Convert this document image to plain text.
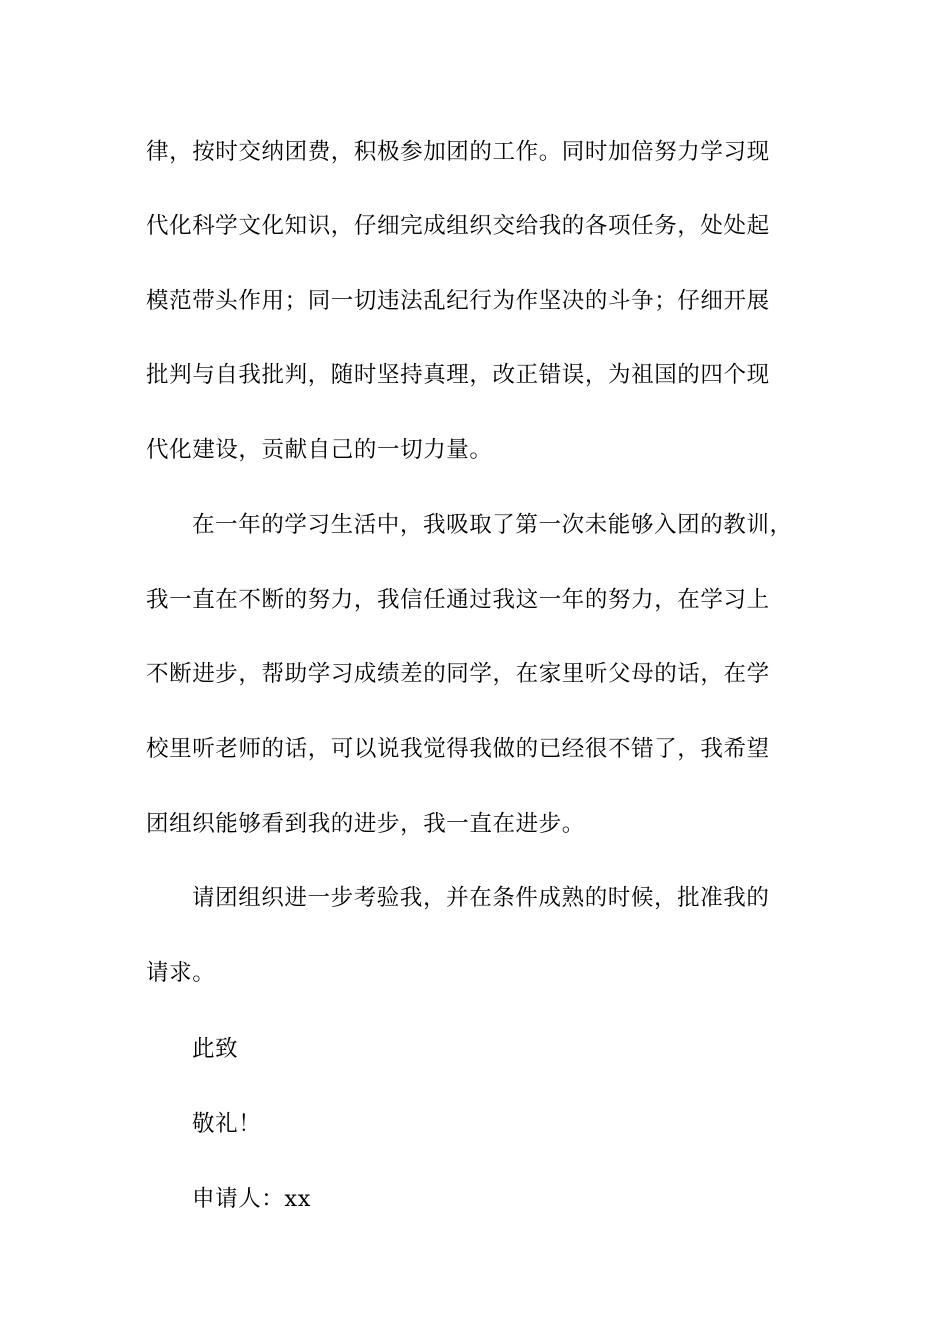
律，按时交纳团费，积极参加团的工作。同时加倍努力学习现
代化科学文化知识，仔细完成组织交给我的各项任务，处处起
模范带头作用；同一切违法乱纪行为作坚决的斗争；仔细开展
批判与自我批判，随时坚持真理，改正错误，为祖国的四个现
代化建设，贡献自己的一切力量。
在一年的学习生活中，我吸取了第一次未能够入团的教训，
我一直在不断的努力，我信任通过我这一年的努力，在学习上
不断进步，帮助学习成绩差的同学，在家里听父母的话，在学
校里听老师的话，可以说我觉得我做的已经很不错了，我希望
团组织能够看到我的进步，我一直在进步。
请团组织进一步考验我，并在条件成熟的时候，批准我的
请求。
此致
敬礼！
申请人：xx
